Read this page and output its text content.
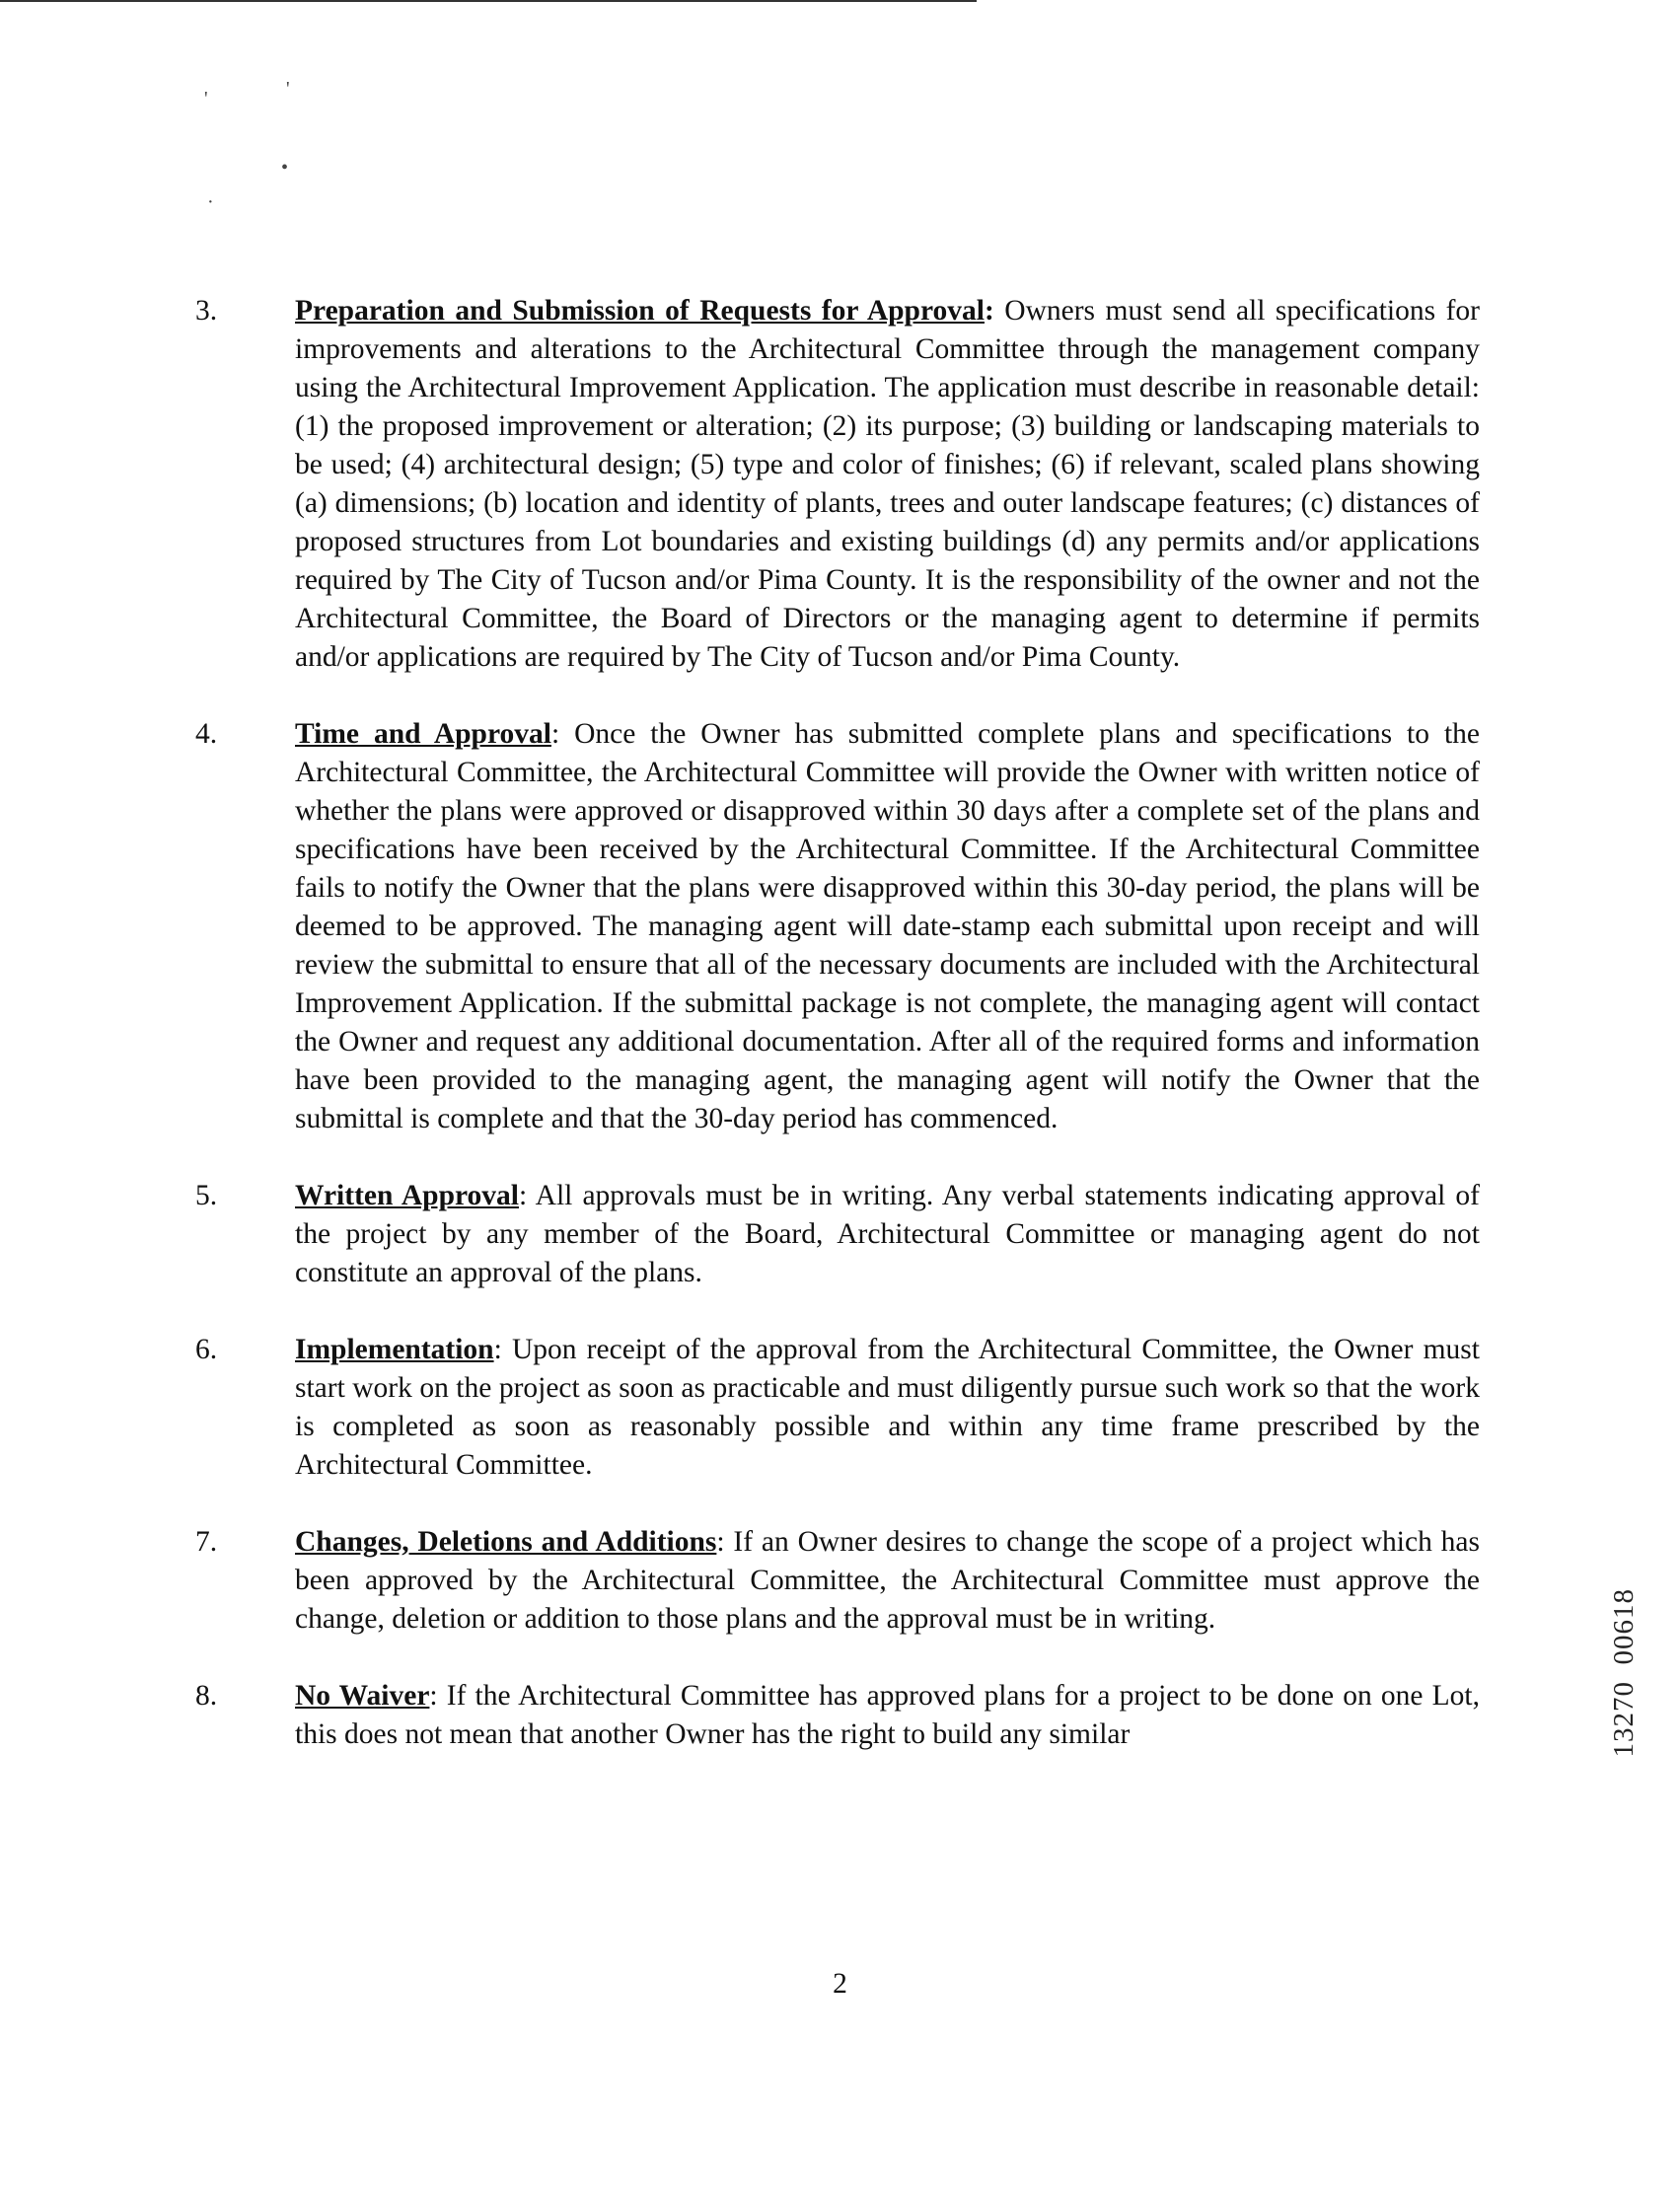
'	'
•
·
3.	Preparation and Submission of Requests for Approval: Owners must send all specifications for improvements and alterations to the Architectural Committee through the management company using the Architectural Improvement Application. The application must describe in reasonable detail: (1) the proposed improvement or alteration; (2) its purpose; (3) building or landscaping materials to be used; (4) architectural design; (5) type and color of finishes; (6) if relevant, scaled plans showing (a) dimensions; (b) location and identity of plants, trees and outer landscape features; (c) distances of proposed structures from Lot boundaries and existing buildings (d) any permits and/or applications required by The City of Tucson and/or Pima County. It is the responsibility of the owner and not the Architectural Committee, the Board of Directors or the managing agent to determine if permits and/or applications are required by The City of Tucson and/or Pima County.
4.	Time and Approval: Once the Owner has submitted complete plans and specifications to the Architectural Committee, the Architectural Committee will provide the Owner with written notice of whether the plans were approved or disapproved within 30 days after a complete set of the plans and specifications have been received by the Architectural Committee. If the Architectural Committee fails to notify the Owner that the plans were disapproved within this 30-day period, the plans will be deemed to be approved. The managing agent will date-stamp each submittal upon receipt and will review the submittal to ensure that all of the necessary documents are included with the Architectural Improvement Application. If the submittal package is not complete, the managing agent will contact the Owner and request any additional documentation. After all of the required forms and information have been provided to the managing agent, the managing agent will notify the Owner that the submittal is complete and that the 30-day period has commenced.
5.	Written Approval: All approvals must be in writing. Any verbal statements indicating approval of the project by any member of the Board, Architectural Committee or managing agent do not constitute an approval of the plans.
6.	Implementation: Upon receipt of the approval from the Architectural Committee, the Owner must start work on the project as soon as practicable and must diligently pursue such work so that the work is completed as soon as reasonably possible and within any time frame prescribed by the Architectural Committee.
7.	Changes, Deletions and Additions: If an Owner desires to change the scope of a project which has been approved by the Architectural Committee, the Architectural Committee must approve the change, deletion or addition to those plans and the approval must be in writing.
8.	No Waiver: If the Architectural Committee has approved plans for a project to be done on one Lot, this does not mean that another Owner has the right to build any similar
2
13270  00618
